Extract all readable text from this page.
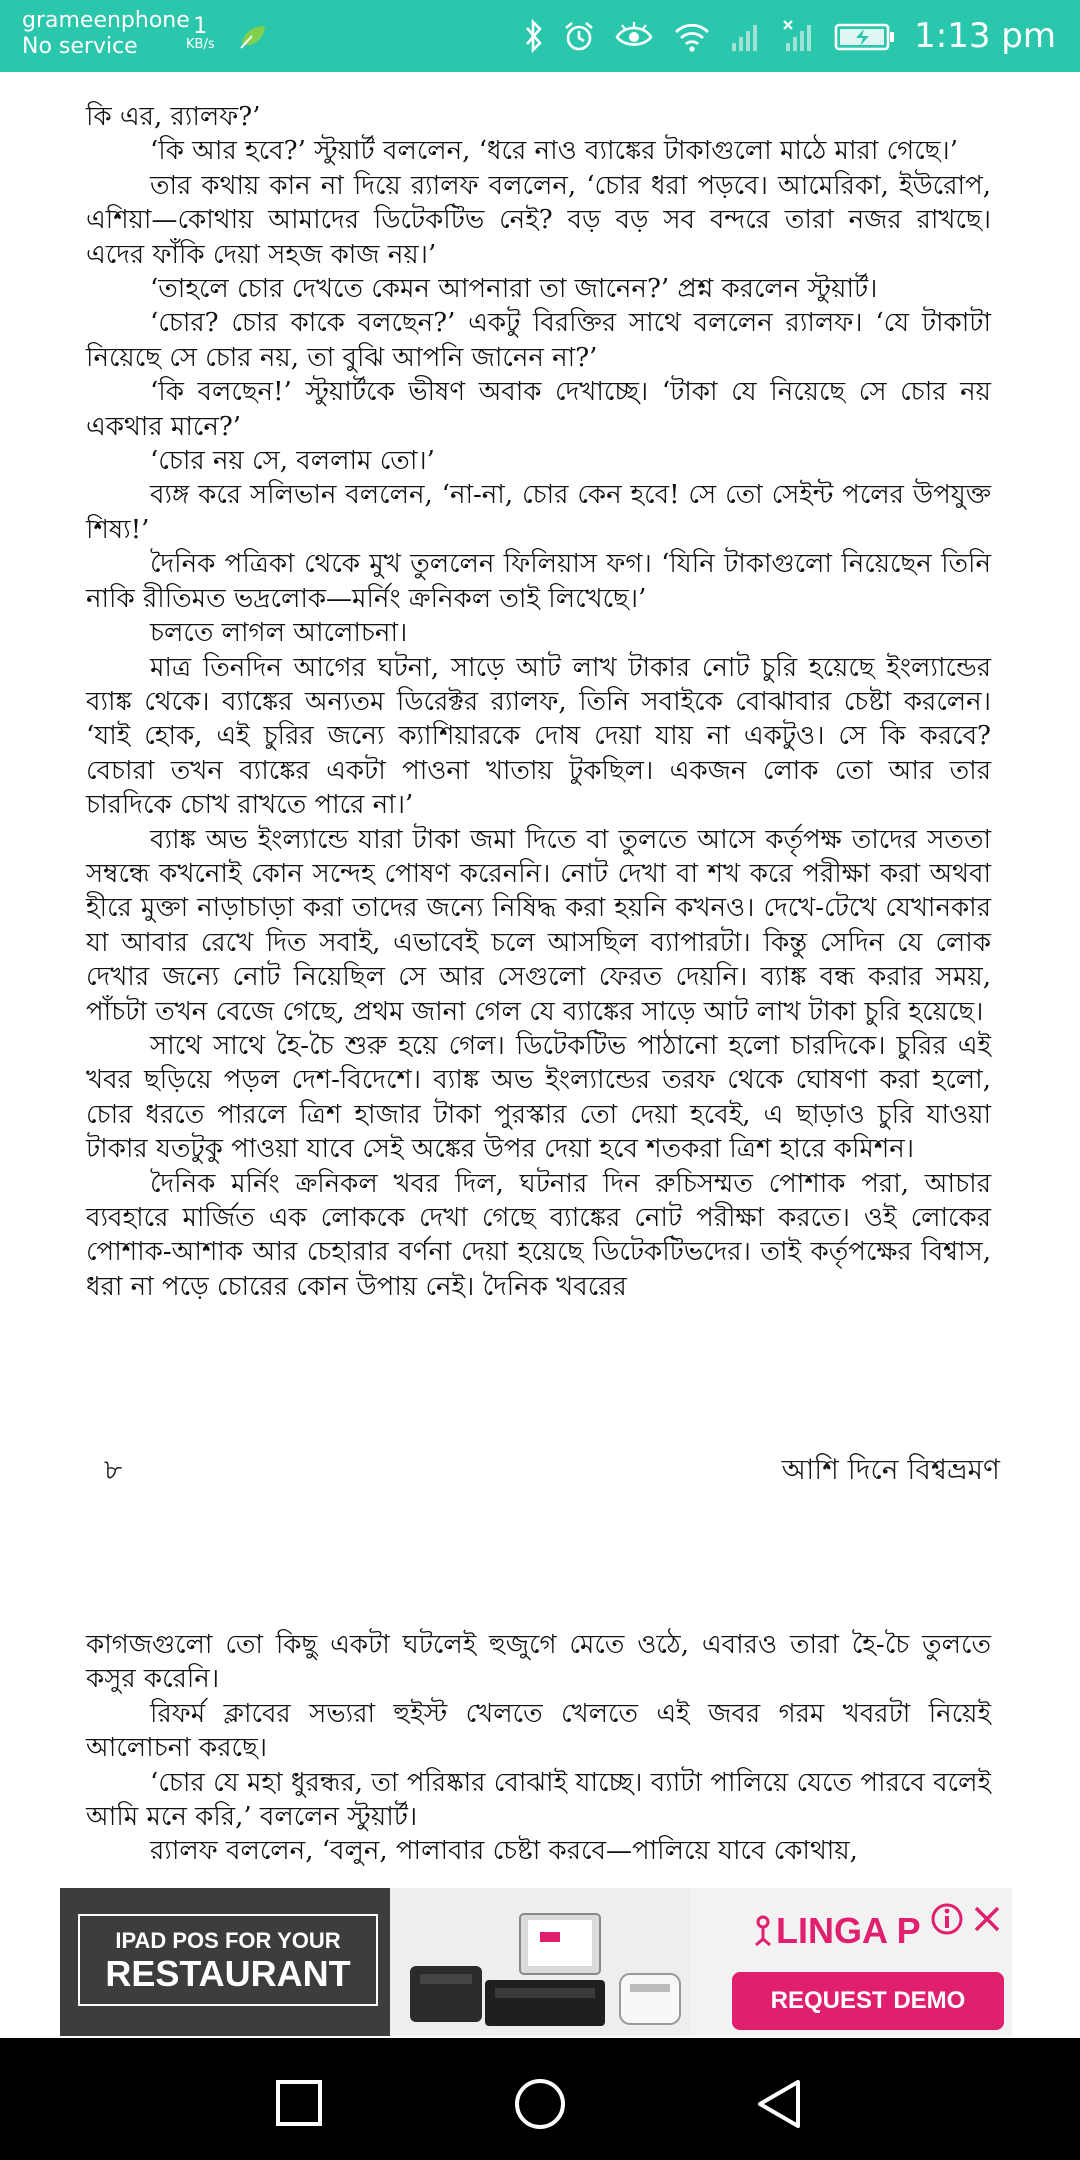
grameenphone
No service
1
KB/s	1:13 pm

কি এর, র‍্যালফ?’

‘কি আর হবে?’ স্টুয়ার্ট বললেন, ‘ধরে নাও ব্যাঙ্কের টাকাগুলো মাঠে মারা গেছে।’

তার কথায় কান না দিয়ে র‍্যালফ বললেন, ‘চোর ধরা পড়বে। আমেরিকা, ইউরোপ, এশিয়া—কোথায় আমাদের ডিটেকটিভ নেই? বড় বড় সব বন্দরে তারা নজর রাখছে। এদের ফাঁকি দেয়া সহজ কাজ নয়।’

‘তাহলে চোর দেখতে কেমন আপনারা তা জানেন?’ প্রশ্ন করলেন স্টুয়ার্ট।

‘চোর? চোর কাকে বলছেন?’ একটু বিরক্তির সাথে বললেন র‍্যালফ। ‘যে টাকাটা নিয়েছে সে চোর নয়, তা বুঝি আপনি জানেন না?’

‘কি বলছেন!’ স্টুয়ার্টকে ভীষণ অবাক দেখাচ্ছে। ‘টাকা যে নিয়েছে সে চোর নয় একথার মানে?’

‘চোর নয় সে, বললাম তো।’

ব্যঙ্গ করে সলিভান বললেন, ‘না-না, চোর কেন হবে! সে তো সেইন্ট পলের উপযুক্ত শিষ্য!’

দৈনিক পত্রিকা থেকে মুখ তুললেন ফিলিয়াস ফগ। ‘যিনি টাকাগুলো নিয়েছেন তিনি নাকি রীতিমত ভদ্রলোক—মর্নিং ক্রনিকল তাই লিখেছে।’

চলতে লাগল আলোচনা।

মাত্র তিনদিন আগের ঘটনা, সাড়ে আট লাখ টাকার নোট চুরি হয়েছে ইংল্যান্ডের ব্যাঙ্ক থেকে। ব্যাঙ্কের অন্যতম ডিরেক্টর র‍্যালফ, তিনি সবাইকে বোঝাবার চেষ্টা করলেন। ‘যাই হোক, এই চুরির জন্যে ক্যাশিয়ারকে দোষ দেয়া যায় না একটুও। সে কি করবে? বেচারা তখন ব্যাঙ্কের একটা পাওনা খাতায় টুকছিল। একজন লোক তো আর তার চারদিকে চোখ রাখতে পারে না।’

ব্যাঙ্ক অভ ইংল্যান্ডে যারা টাকা জমা দিতে বা তুলতে আসে কর্তৃপক্ষ তাদের সততা সম্বন্ধে কখনোই কোন সন্দেহ পোষণ করেননি। নোট দেখা বা শখ করে পরীক্ষা করা অথবা হীরে মুক্তা নাড়াচাড়া করা তাদের জন্যে নিষিদ্ধ করা হয়নি কখনও। দেখে-টেখে যেখানকার যা আবার রেখে দিত সবাই, এভাবেই চলে আসছিল ব্যাপারটা। কিন্তু সেদিন যে লোক দেখার জন্যে নোট নিয়েছিল সে আর সেগুলো ফেরত দেয়নি। ব্যাঙ্ক বন্ধ করার সময়, পাঁচটা তখন বেজে গেছে, প্রথম জানা গেল যে ব্যাঙ্কের সাড়ে আট লাখ টাকা চুরি হয়েছে।

সাথে সাথে হৈ-চৈ শুরু হয়ে গেল। ডিটেকটিভ পাঠানো হলো চারদিকে। চুরির এই খবর ছড়িয়ে পড়ল দেশ-বিদেশে। ব্যাঙ্ক অভ ইংল্যান্ডের তরফ থেকে ঘোষণা করা হলো, চোর ধরতে পারলে ত্রিশ হাজার টাকা পুরস্কার তো দেয়া হবেই, এ ছাড়াও চুরি যাওয়া টাকার যতটুকু পাওয়া যাবে সেই অঙ্কের উপর দেয়া হবে শতকরা ত্রিশ হারে কমিশন।

দৈনিক মর্নিং ক্রনিকল খবর দিল, ঘটনার দিন রুচিসম্মত পোশাক পরা, আচার ব্যবহারে মার্জিত এক লোককে দেখা গেছে ব্যাঙ্কের নোট পরীক্ষা করতে। ওই লোকের পোশাক-আশাক আর চেহারার বর্ণনা দেয়া হয়েছে ডিটেকটিভদের। তাই কর্তৃপক্ষের বিশ্বাস, ধরা না পড়ে চোরের কোন উপায় নেই। দৈনিক খবরের

৮	আশি দিনে বিশ্বভ্রমণ

কাগজগুলো তো কিছু একটা ঘটলেই হুজুগে মেতে ওঠে, এবারও তারা হৈ-চৈ তুলতে কসুর করেনি।

রিফর্ম ক্লাবের সভ্যরা হুইস্ট খেলতে খেলতে এই জবর গরম খবরটা নিয়েই আলোচনা করছে।

‘চোর যে মহা ধুরন্ধর, তা পরিষ্কার বোঝাই যাচ্ছে। ব্যাটা পালিয়ে যেতে পারবে বলেই আমি মনে করি,’ বললেন স্টুয়ার্ট।

র‍্যালফ বললেন, ‘বলুন, পালাবার চেষ্টা করবে—পালিয়ে যাবে কোথায়,

IPAD POS FOR YOUR
RESTAURANT
LINGA P
REQUEST DEMO
